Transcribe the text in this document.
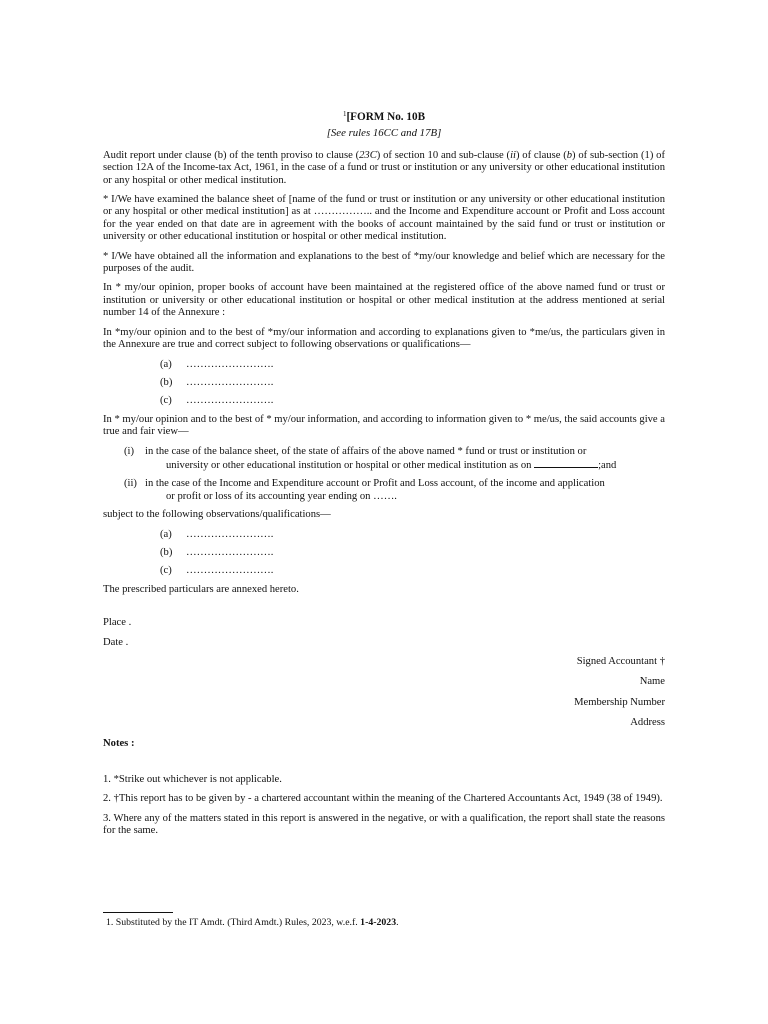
$^1$[FORM No. 10B
[See rules 16CC and 17B]

Audit report under clause (b) of the tenth proviso to clause (23C) of section 10 and sub-clause (ii) of clause (b) of sub-section (1) of section 12A of the Income-tax Act, 1961, in the case of a fund or trust or institution or any university or other educational institution or any hospital or other medical institution.

* I/We have examined the balance sheet of [name of the fund or trust or institution or any university or other educational institution or any hospital or other medical institution] as at …………….. and the Income and Expenditure account or Profit and Loss account for the year ended on that date are in agreement with the books of account maintained by the said fund or trust or institution or university or other educational institution or hospital or other medical institution.

* I/We have obtained all the information and explanations to the best of *my/our knowledge and belief which are necessary for the purposes of the audit.

In * my/our opinion, proper books of account have been maintained at the registered office of the above named fund or trust or institution or university or other educational institution or hospital or other medical institution at the address mentioned at serial number 14 of the Annexure :

In *my/our opinion and to the best of *my/our information and according to explanations given to *me/us, the particulars given in the Annexure are true and correct subject to following observations or qualifications—

(a)	…………………….
(b)	…………………….
(c)	…………………….

In * my/our opinion and to the best of * my/our information, and according to information given to * me/us, the said accounts give a true and fair view—

(i)	in the case of the balance sheet, of the state of affairs of the above named * fund or trust or institution or
university or other educational institution or hospital or other medical institution as on	;and
(ii) in the case of the Income and Expenditure account or Profit and Loss account, of the income and application
or profit or loss of its accounting year ending on …….

subject to the following observations/qualifications—

(a)	…………………….
(b)	…………………….
(c)	…………………….

The prescribed particulars are annexed hereto.

Place .

Date .

Signed Accountant †
Name
Membership Number
Address
Notes :

1. *Strike out whichever is not applicable.

2. †This report has to be given by - a chartered accountant within the meaning of the Chartered Accountants Act, 1949 (38 of 1949).

3. Where any of the matters stated in this report is answered in the negative, or with a qualification, the report shall state the reasons for the same.

1. Substituted by the IT Amdt. (Third Amdt.) Rules, 2023, w.e.f. 1-4-2023.
